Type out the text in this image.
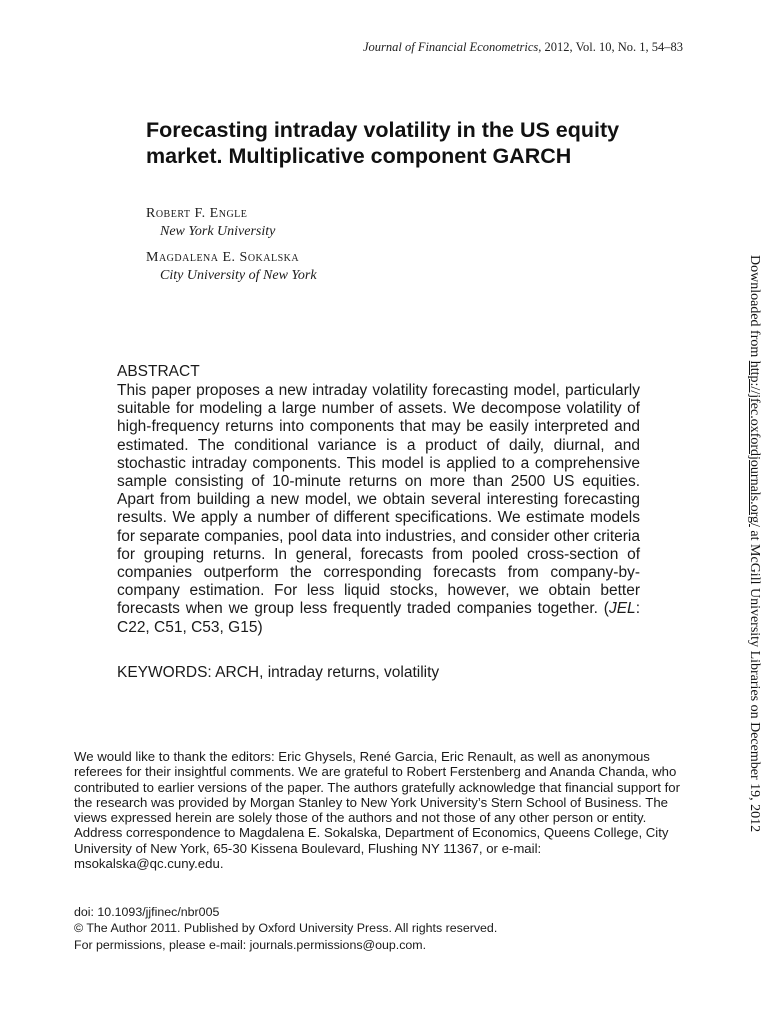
Journal of Financial Econometrics, 2012, Vol. 10, No. 1, 54–83
Forecasting intraday volatility in the US equity market. Multiplicative component GARCH
Robert F. Engle
New York University
Magdalena E. Sokalska
City University of New York
ABSTRACT
This paper proposes a new intraday volatility forecasting model, particularly suitable for modeling a large number of assets. We decompose volatility of high-frequency returns into components that may be easily interpreted and estimated. The conditional variance is a product of daily, diurnal, and stochastic intraday components. This model is applied to a comprehensive sample consisting of 10-minute returns on more than 2500 US equities. Apart from building a new model, we obtain several interesting forecasting results. We apply a number of different specifications. We estimate models for separate companies, pool data into industries, and consider other criteria for grouping returns. In general, forecasts from pooled cross-section of companies outperform the corresponding forecasts from company-by-company estimation. For less liquid stocks, however, we obtain better forecasts when we group less frequently traded companies together. (JEL: C22, C51, C53, G15)
KEYWORDS: ARCH, intraday returns, volatility
We would like to thank the editors: Eric Ghysels, René Garcia, Eric Renault, as well as anonymous referees for their insightful comments. We are grateful to Robert Ferstenberg and Ananda Chanda, who contributed to earlier versions of the paper. The authors gratefully acknowledge that financial support for the research was provided by Morgan Stanley to New York University’s Stern School of Business. The views expressed herein are solely those of the authors and not those of any other person or entity. Address correspondence to Magdalena E. Sokalska, Department of Economics, Queens College, City University of New York, 65-30 Kissena Boulevard, Flushing NY 11367, or e-mail: msokalska@qc.cuny.edu.
doi: 10.1093/jjfinec/nbr005
© The Author 2011. Published by Oxford University Press. All rights reserved.
For permissions, please e-mail: journals.permissions@oup.com.
Downloaded from http://jfec.oxfordjournals.org/ at McGill University Libraries on December 19, 2012
